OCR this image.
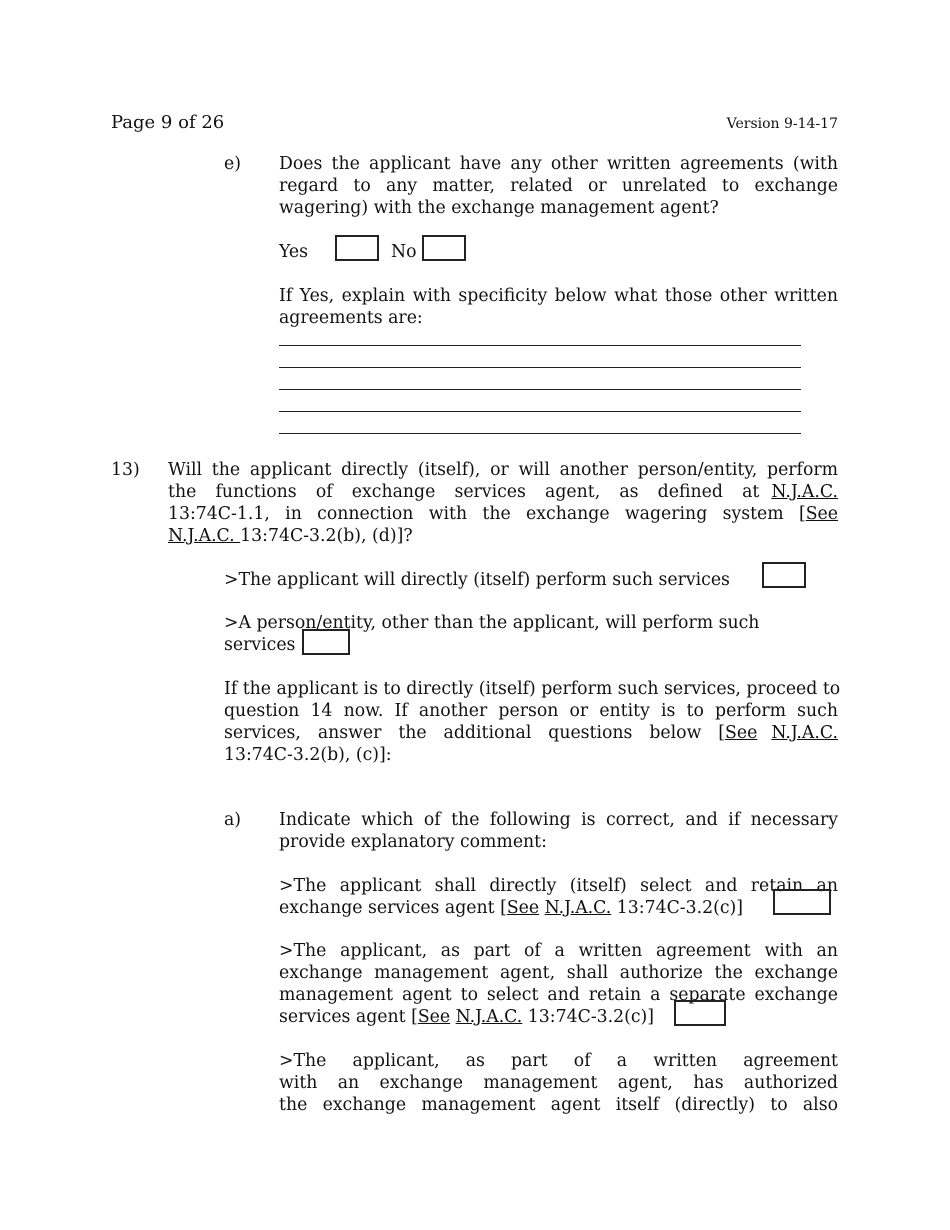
Page 9 of 26	Version 9-14-17
e) Does the applicant have any other written agreements (with
regard to any matter, related or unrelated to exchange
wagering) with the exchange management agent?
Yes	No
If Yes, explain with specificity below what those other written
agreements are:
13) Will the applicant directly (itself), or will another person/entity, perform
the functions of exchange services agent, as defined at N.J.A.C.
13:74C-1.1, in connection with the exchange wagering system [ See
N.J.A.C. 13:74C-3.2(b), (d)]?
>The applicant will directly (itself) perform such services
>A person/entity, other than the applicant, will perform such
services
If the applicant is to directly (itself) perform such services, proceed to
question 14 now. If another person or entity is to perform such
services, answer the additional questions below [ See N.J.A.C.
13:74C-3.2(b), (c)]:
a) Indicate which of the following is correct, and if necessary
provide explanatory comment:
>The applicant shall directly (itself) select and retain an
exchange services agent [See N.J.A.C. 13:74C-3.2(c)]
>The applicant, as part of a written agreement with an
exchange management agent, shall authorize the exchange
management agent to select and retain a separate exchange
services agent [See N.J.A.C. 13:74C-3.2(c)]
>The applicant, as part of a written agreement
with an exchange management agent, has authorized
the exchange management agent itself (directly) to also
